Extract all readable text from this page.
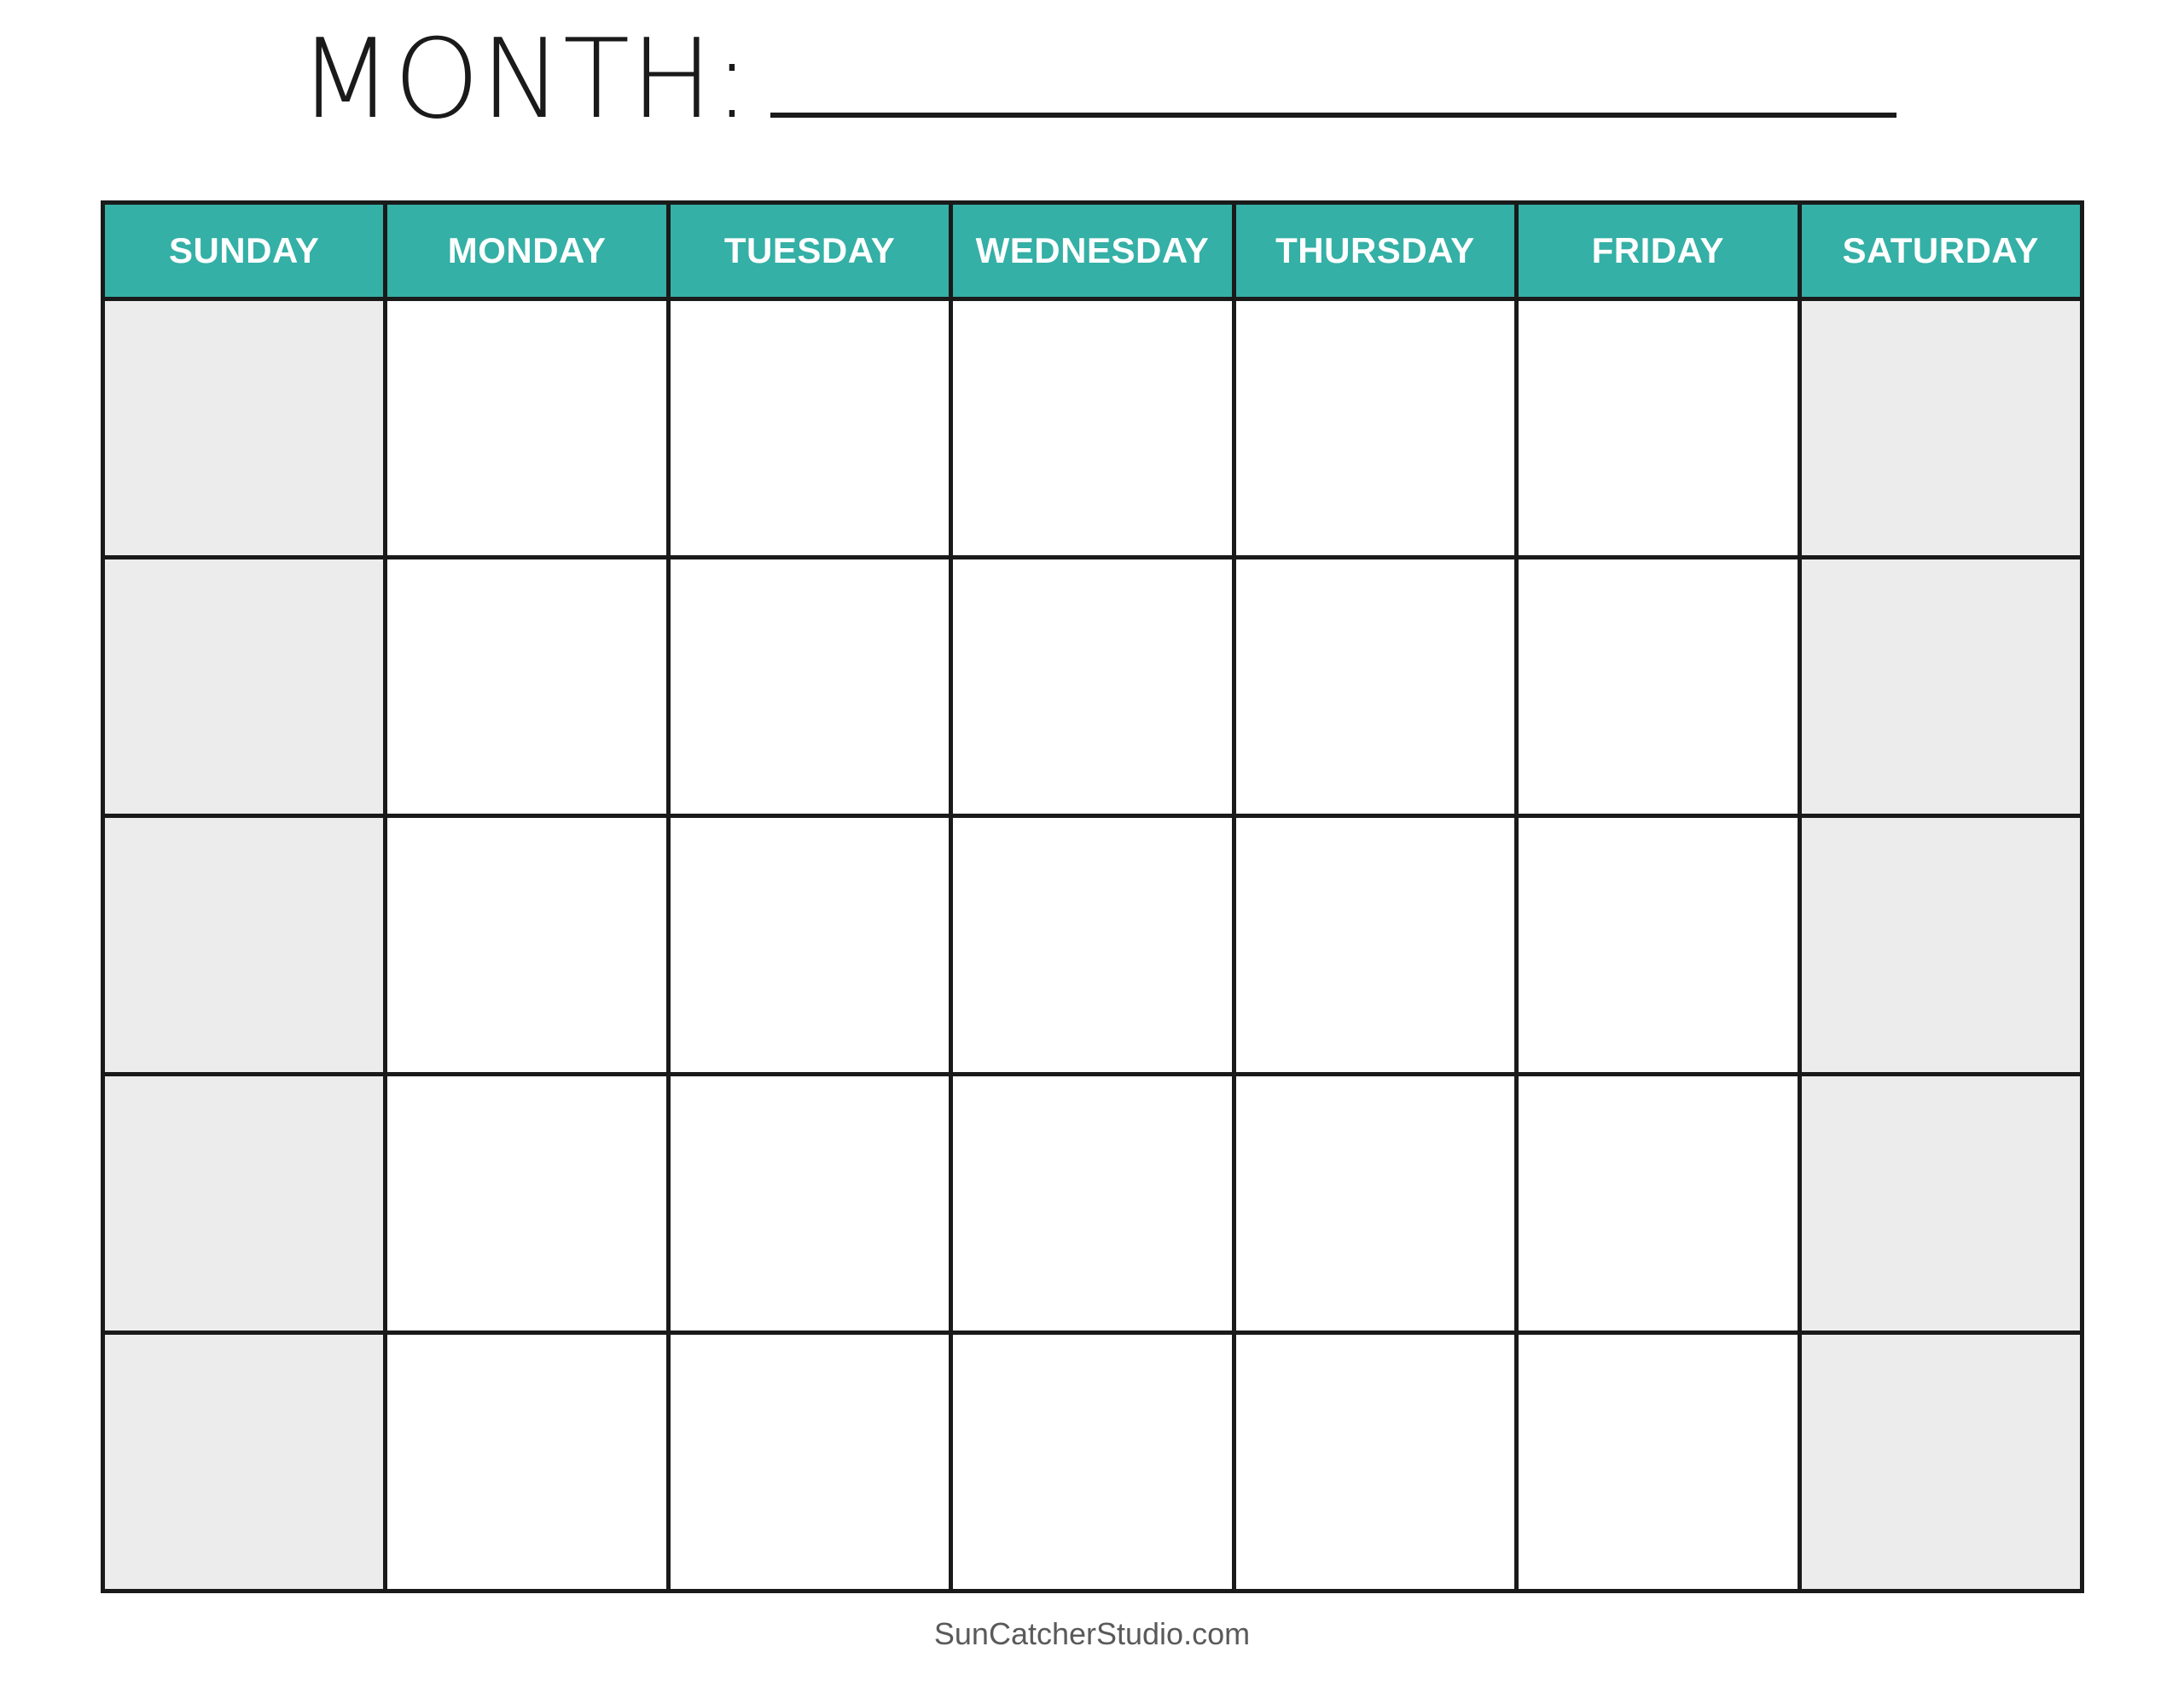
MONTH:
SUNDAY	MONDAY	TUESDAY	WEDNESDAY	THURSDAY	FRIDAY	SATURDAY
SunCatcherStudio.com
